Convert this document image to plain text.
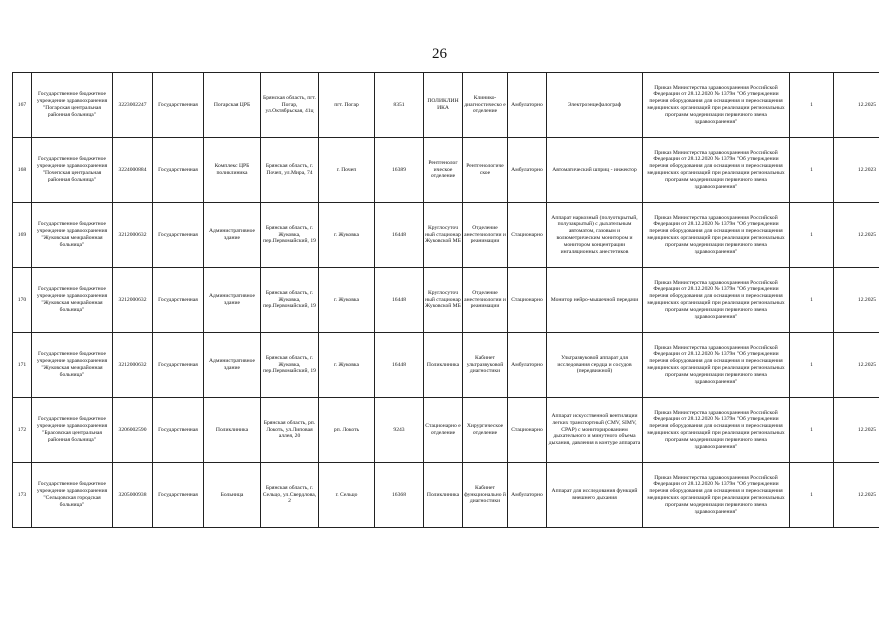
26
167	Государственное бюджетное учреждение здравоохранения "Погарская центральная районная больница"	3223002247	Государственная	Погарская ЦРБ	Брянская область, пгт. Погар, ул.Октябрьская, 41ц	пгт. Погар	8351	ПОЛИКЛИН ИКА	Клинико-диагностическо е отделение	Амбулаторно	Электроэнцефалограф	Приказ Министерства здравоохранения Российской Федерации от 28.12.2020 № 1379н "Об утверждении перечня оборудования для оснащения и переоснащения медицинских организаций при реализации региональных программ модернизации первичного звена здравоохранения"	1	12.2025
168	Государственное бюджетное учреждение здравоохранения "Почепская центральная районная больница"	3224000884	Государственная	Комплекс ЦРБ поликлиника	Брянская область, г. Почеп, ул.Мира, 74	г. Почеп	16389	Рентгенолог ическое отделение	Рентгенологиче ское	Амбулаторно	Автоматический шприц - инжектор	Приказ Министерства здравоохранения Российской Федерации от 28.12.2020 № 1379н "Об утверждении перечня оборудования для оснащения и переоснащения медицинских организаций при реализации региональных программ модернизации первичного звена здравоохранения"	1	12.2023
169	Государственное бюджетное учреждение здравоохранения "Жуковская межрайонная больница"	3212000632	Государственная	Административное здание	Брянская область, г. Жуковка, пер.Первомайский, 19	г. Жуковка	16448	Круглосуточ ный стационар Жуковской МБ	Отделение анестезиологии и реанимации	Стационарно	Аппарат наркозный (полуоткрытый, полузакрытый) с дыхательным автоматом, газовым и волюметрическим монитором и монитором концентрации ингаляционных анестетиков	Приказ Министерства здравоохранения Российской Федерации от 28.12.2020 № 1379н "Об утверждении перечня оборудования для оснащения и переоснащения медицинских организаций при реализации региональных программ модернизации первичного звена здравоохранения"	1	12.2025
170	Государственное бюджетное учреждение здравоохранения "Жуковская межрайонная больница"	3212000632	Государственная	Административное здание	Брянская область, г. Жуковка, пер.Первомайский, 19	г. Жуковка	16448	Круглосуточ ный стационар Жуковской МБ	Отделение анестезиологии и реанимации	Стационарно	Монитор нейро-мышечной передачи	Приказ Министерства здравоохранения Российской Федерации от 28.12.2020 № 1379н "Об утверждении перечня оборудования для оснащения и переоснащения медицинских организаций при реализации региональных программ модернизации первичного звена здравоохранения"	1	12.2025
171	Государственное бюджетное учреждение здравоохранения "Жуковская межрайонная больница"	3212000632	Государственная	Административное здание	Брянская область, г. Жуковка, пер.Первомайский, 19	г. Жуковка	16448	Поликлиника	Кабинет ультразвуковой диагностики	Амбулаторно	Ультразвуковой аппарат для исследования сердца и сосудов (передвижной)	Приказ Министерства здравоохранения Российской Федерации от 28.12.2020 № 1379н "Об утверждении перечня оборудования для оснащения и переоснащения медицинских организаций при реализации региональных программ модернизации первичного звена здравоохранения"	1	12.2025
172	Государственное бюджетное учреждение здравоохранения "Брасовская центральная районная больница"	3206002590	Государственная	Поликлиника	Брянская область, рп. Локоть, ул.Липовая аллея, 20	рп. Локоть	9243	Стационарно е отделение	Хирургическое отделение	Стационарно	Аппарат искусственной вентиляции легких транспортный (CMV, SIMV, CPAP) с мониторированием дыхательного и минутного объема дыхания, давления в контуре аппарата	Приказ Министерства здравоохранения Российской Федерации от 28.12.2020 № 1379н "Об утверждении перечня оборудования для оснащения и переоснащения медицинских организаций при реализации региональных программ модернизации первичного звена здравоохранения"	1	12.2025
173	Государственное бюджетное учреждение здравоохранения "Сельцовская городская больница"	3205000938	Государственная	Больница	Брянская область, г. Сельцо, ул.Свердлова, 2	г. Сельцо	16368	Поликлиника	Кабинет функционально й диагностики	Амбулаторно	Аппарат для исследования функций внешнего дыхания	Приказ Министерства здравоохранения Российской Федерации от 28.12.2020 № 1379н "Об утверждении перечня оборудования для оснащения и переоснащения медицинских организаций при реализации региональных программ модернизации первичного звена здравоохранения"	1	12.2025
